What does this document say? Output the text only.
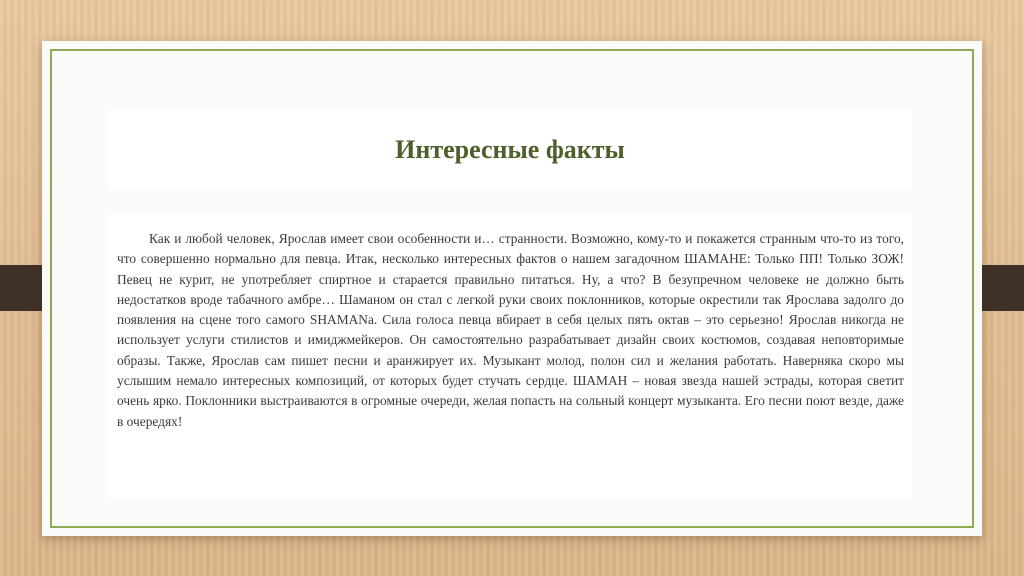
Интересные факты

Как и любой человек, Ярослав имеет свои особенности и… странности. Возможно, кому-то и покажется странным что-то из того, что совершенно нормально для певца. Итак, несколько интересных фактов о нашем загадочном ШАМАНЕ: Только ПП! Только ЗОЖ! Певец не курит, не употребляет спиртное и старается правильно питаться. Ну, а что? В безупречном человеке не должно быть недостатков вроде табачного амбре… Шаманом он стал с легкой руки своих поклонников, которые окрестили так Ярослава задолго до появления на сцене того самого SHAMANа. Сила голоса певца вбирает в себя целых пять октав – это серьезно! Ярослав никогда не использует услуги стилистов и имиджмейкеров. Он самостоятельно разрабатывает дизайн своих костюмов, создавая неповторимые образы. Также, Ярослав сам пишет песни и аранжирует их. Музыкант молод, полон сил и желания работать. Наверняка скоро мы услышим немало интересных композиций, от которых будет стучать сердце. ШАМАН – новая звезда нашей эстрады, которая светит очень ярко. Поклонники выстраиваются в огромные очереди, желая попасть на сольный концерт музыканта. Его песни поют везде, даже в очередях!
